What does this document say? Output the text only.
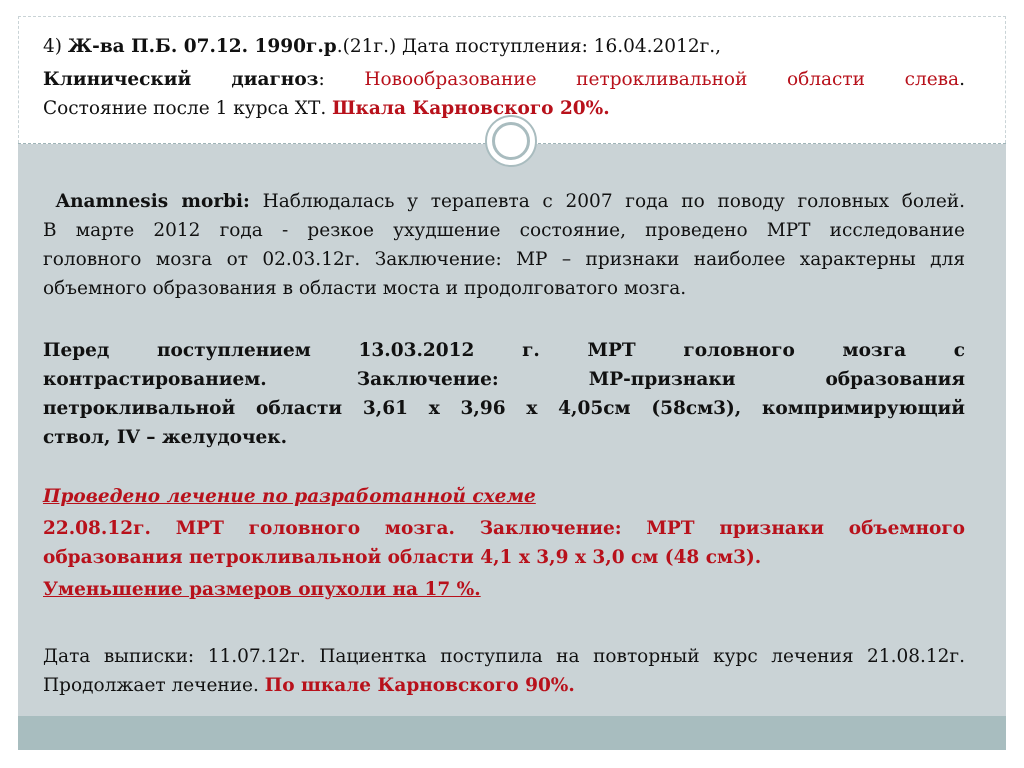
4) Ж-ва П.Б. 07.12. 1990г.р.(21г.) Дата поступления: 16.04.2012г.,

Клинический диагноз: Новообразование петрокливальной области слева.

Состояние после 1 курса ХТ. Шкала Карновского 20%.

Anamnesis morbi: Наблюдалась у терапевта с 2007 года по поводу головных болей.

В марте 2012 года - резкое ухудшение состояние, проведено МРТ исследование

головного мозга от 02.03.12г. Заключение: МР – признаки наиболее характерны для

объемного образования в области моста и продолговатого мозга.

Перед поступлением 13.03.2012 г. МРТ головного мозга с

контрастированием. Заключение: МР-признаки образования

петрокливальной области 3,61 х 3,96 х 4,05см (58см3), компримирующий

ствол, IV – желудочек.

Проведено лечение по разработанной схеме

22.08.12г. МРТ головного мозга. Заключение: МРТ признаки объемного

образования петрокливальной области 4,1 х 3,9 х 3,0 см (48 см3).

Уменьшение размеров опухоли на 17 %.

Дата выписки: 11.07.12г. Пациентка поступила на повторный курс лечения 21.08.12г.

Продолжает лечение. По шкале Карновского 90%.
